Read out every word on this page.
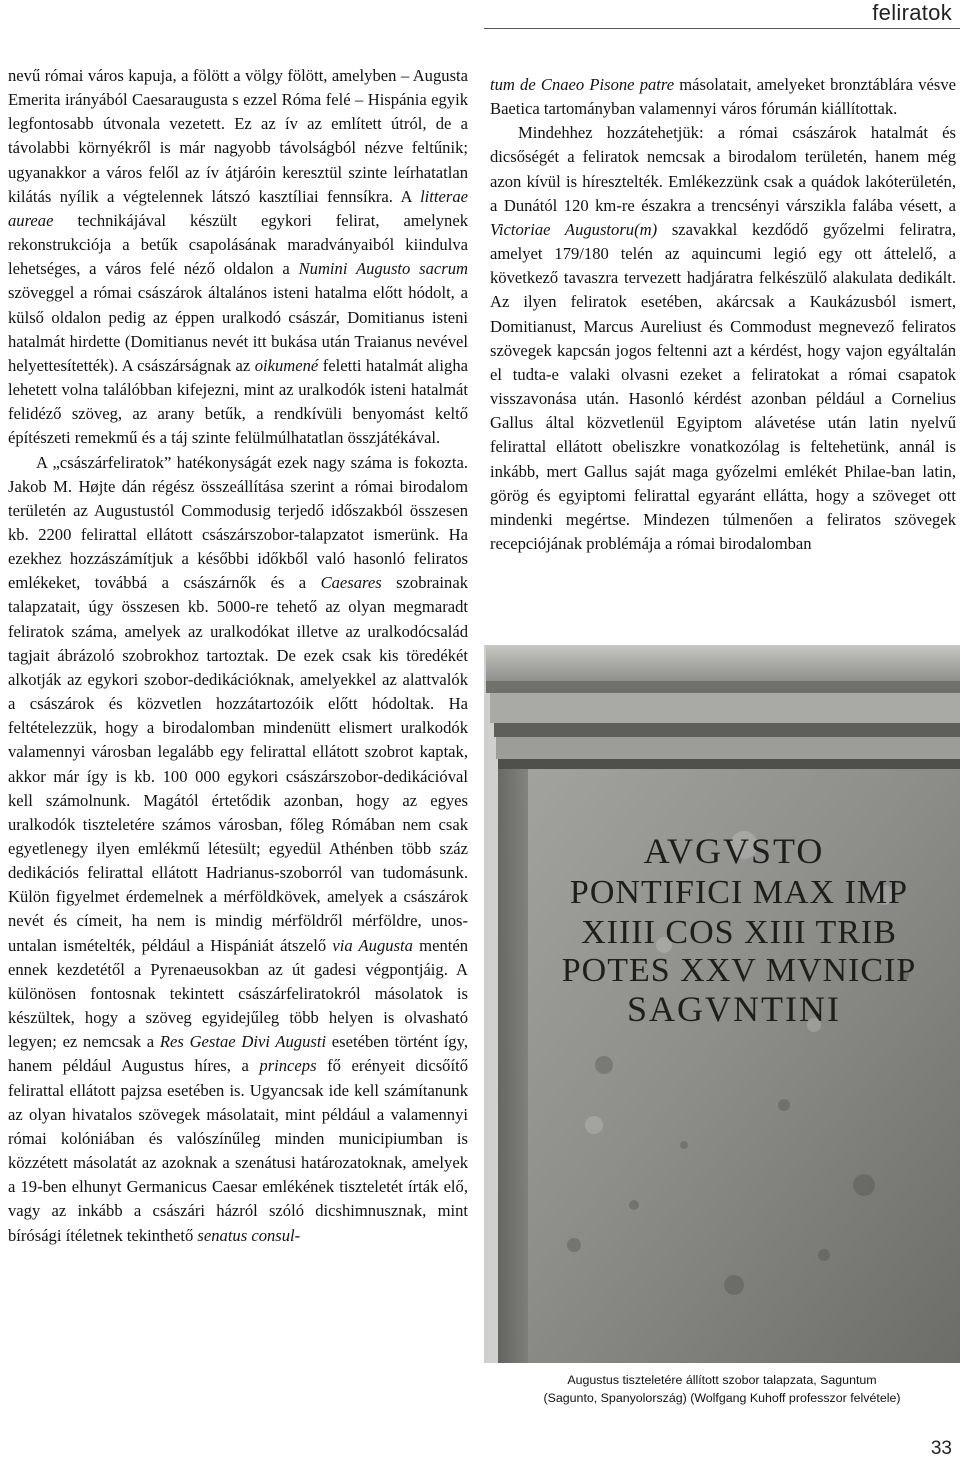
feliratok

nevű római város kapuja, a fölött a völgy fölött, amelyben – Augusta Emerita irányából Caesaraugusta s ezzel Róma felé – Hispánia egyik legfontosabb útvonala vezetett. Ez az ív az említett útról, de a távolabbi környékről is már nagyobb távolságból nézve feltűnik; ugyanakkor a város felől az ív átjáróin keresztül szinte leírhatatlan kilátás nyílik a végtelennek látszó kasztíliai fennsíkra. A litterae aureae technikájával készült egykori felirat, amelynek rekonstrukciója a betűk csapolásának maradványaiból kiindulva lehetséges, a város felé néző oldalon a Numini Augusto sacrum szöveggel a római császárok általános isteni hatalma előtt hódolt, a külső oldalon pedig az éppen uralkodó császár, Domitianus isteni hatalmát hirdette (Domitianus nevét itt bukása után Traianus nevével helyettesítették). A császárságnak az oikumené feletti hatalmát aligha lehetett volna találóbban kifejezni, mint az uralkodók isteni hatalmát felidéző szöveg, az arany betűk, a rendkívüli benyomást keltő építészeti remekmű és a táj szinte felülmúlhatatlan összjátékával.

A „császárfeliratok” hatékonyságát ezek nagy száma is fokozta. Jakob M. Højte dán régész összeállítása szerint a római birodalom területén az Augustustól Commodusig terjedő időszakból összesen kb. 2200 felirattal ellátott császárszobor-talapzatot ismerünk. Ha ezekhez hozzászámítjuk a későbbi időkből való hasonló feliratos emlékeket, továbbá a császárnők és a Caesares szobrainak talapzatait, úgy összesen kb. 5000-re tehető az olyan megmaradt feliratok száma, amelyek az uralkodókat illetve az uralkodócsalád tagjait ábrázoló szobrokhoz tartoztak. De ezek csak kis töredékét alkotják az egykori szobor-dedikációknak, amelyekkel az alattvalók a császárok és közvetlen hozzátartozóik előtt hódoltak. Ha feltételezzük, hogy a birodalomban mindenütt elismert uralkodók valamennyi városban legalább egy felirattal ellátott szobrot kaptak, akkor már így is kb. 100 000 egykori császárszobor-dedikációval kell számolnunk. Magától értetődik azonban, hogy az egyes uralkodók tiszteletére számos városban, főleg Rómában nem csak egyetlenegy ilyen emlékmű létesült; egyedül Athénben több száz dedikációs felirattal ellátott Hadrianus-szoborról van tudomásunk. Külön figyelmet érdemelnek a mérföldkövek, amelyek a császárok nevét és címeit, ha nem is mindig mérföldről mérföldre, unos-untalan ismételték, például a Hispániát átszelő via Augusta mentén ennek kezdetétől a Pyrenaeusokban az út gadesi végpontjáig. A különösen fontosnak tekintett császárfeliratokról másolatok is készültek, hogy a szöveg egyidejűleg több helyen is olvasható legyen; ez nemcsak a Res Gestae Divi Augusti esetében történt így, hanem például Augustus híres, a princeps fő erényeit dicsőítő felirattal ellátott pajzsa esetében is. Ugyancsak ide kell számítanunk az olyan hivatalos szövegek másolatait, mint például a valamennyi római kolóniában és valószínűleg minden municipiumban is közzétett másolatát az azoknak a szenátusi határozatoknak, amelyek a 19-ben elhunyt Germanicus Caesar emlékének tiszteletét írták elő, vagy az inkább a császári házról szóló dicshimnusznak, mint bírósági ítéletnek tekinthető senatus consul-

tum de Cnaeo Pisone patre másolatait, amelyeket bronztáblára vésve Baetica tartományban valamennyi város fórumán kiállítottak.

Mindehhez hozzátehetjük: a római császárok hatalmát és dicsőségét a feliratok nemcsak a birodalom területén, hanem még azon kívül is híresztelték. Emlékezzünk csak a quádok lakóterületén, a Dunától 120 km-re északra a trencsényi várszikla falába vésett, a Victoriae Augustoru(m) szavakkal kezdődő győzelmi feliratra, amelyet 179/180 telén az aquincumi legió egy ott áttelelő, a következő tavaszra tervezett hadjáratra felkészülő alakulata dedikált. Az ilyen feliratok esetében, akárcsak a Kaukázusból ismert, Domitianust, Marcus Aureliust és Commodust megnevező feliratos szövegek kapcsán jogos feltenni azt a kérdést, hogy vajon egyáltalán el tudta-e valaki olvasni ezeket a feliratokat a római csapatok visszavonása után. Hasonló kérdést azonban például a Cornelius Gallus által közvetlenül Egyiptom alávetése után latin nyelvű felirattal ellátott obeliszkre vonatkozólag is feltehetünk, annál is inkább, mert Gallus saját maga győzelmi emlékét Philae-ban latin, görög és egyiptomi felirattal egyaránt ellátta, hogy a szöveget ott mindenki megértse. Mindezen túlmenően a feliratos szövegek recepciójának problémája a római birodalomban

AVGVSTO
PONTIFICI MAX IMP
XIIII COS XIII TRIB
POTES XXV MVNICIP
SAGVNTINI
Augustus tiszteletére állított szobor talapzata, Saguntum
(Sagunto, Spanyolország) (Wolfgang Kuhoff professzor felvétele)
33
